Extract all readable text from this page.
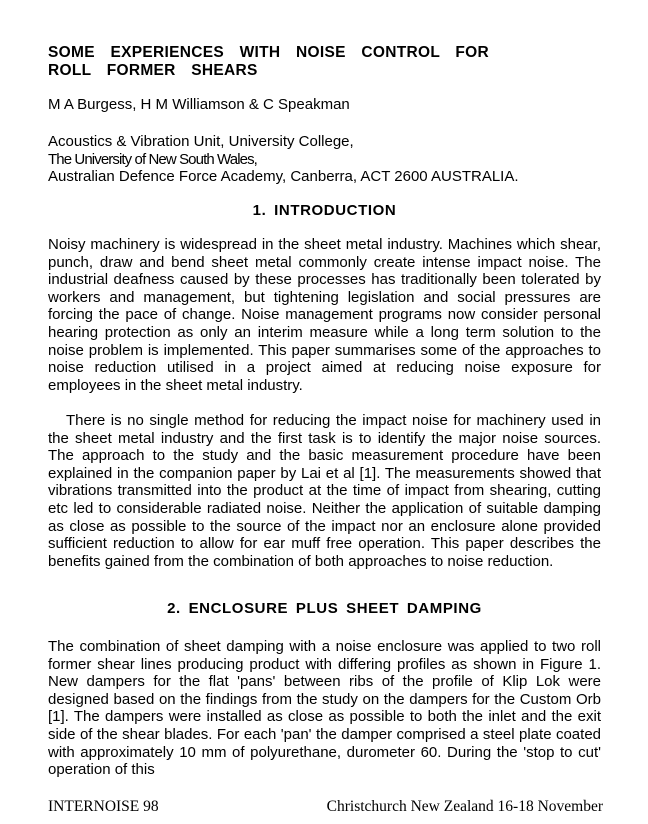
SOME EXPERIENCES WITH NOISE CONTROL FOR
ROLL FORMER SHEARS

M A Burgess, H M Williamson & C Speakman

Acoustics & Vibration Unit, University College,
The University of New South Wales,
Australian Defence Force Academy, Canberra, ACT 2600 AUSTRALIA.

1. INTRODUCTION

Noisy machinery is widespread in the sheet metal industry. Machines which shear, punch, draw and bend sheet metal commonly create intense impact noise. The industrial deafness caused by these processes has traditionally been tolerated by workers and management, but tightening legislation and social pressures are forcing the pace of change. Noise management programs now consider personal hearing protection as only an interim measure while a long term solution to the noise problem is implemented. This paper summarises some of the approaches to noise reduction utilised in a project aimed at reducing noise exposure for employees in the sheet metal industry.

There is no single method for reducing the impact noise for machinery used in the sheet metal industry and the first task is to identify the major noise sources. The approach to the study and the basic measurement procedure have been explained in the companion paper by Lai et al [1]. The measurements showed that vibrations transmitted into the product at the time of impact from shearing, cutting etc led to considerable radiated noise. Neither the application of suitable damping as close as possible to the source of the impact nor an enclosure alone provided sufficient reduction to allow for ear muff free operation. This paper describes the benefits gained from the combination of both approaches to noise reduction.

2. ENCLOSURE PLUS SHEET DAMPING

The combination of sheet damping with a noise enclosure was applied to two roll former shear lines producing product with differing profiles as shown in Figure 1. New dampers for the flat 'pans' between ribs of the profile of Klip Lok were designed based on the findings from the study on the dampers for the Custom Orb [1]. The dampers were installed as close as possible to both the inlet and the exit side of the shear blades. For each 'pan' the damper comprised a steel plate coated with approximately 10 mm of polyurethane, durometer 60. During the 'stop to cut' operation of this

INTERNOISE 98	Christchurch New Zealand 16-18 November
